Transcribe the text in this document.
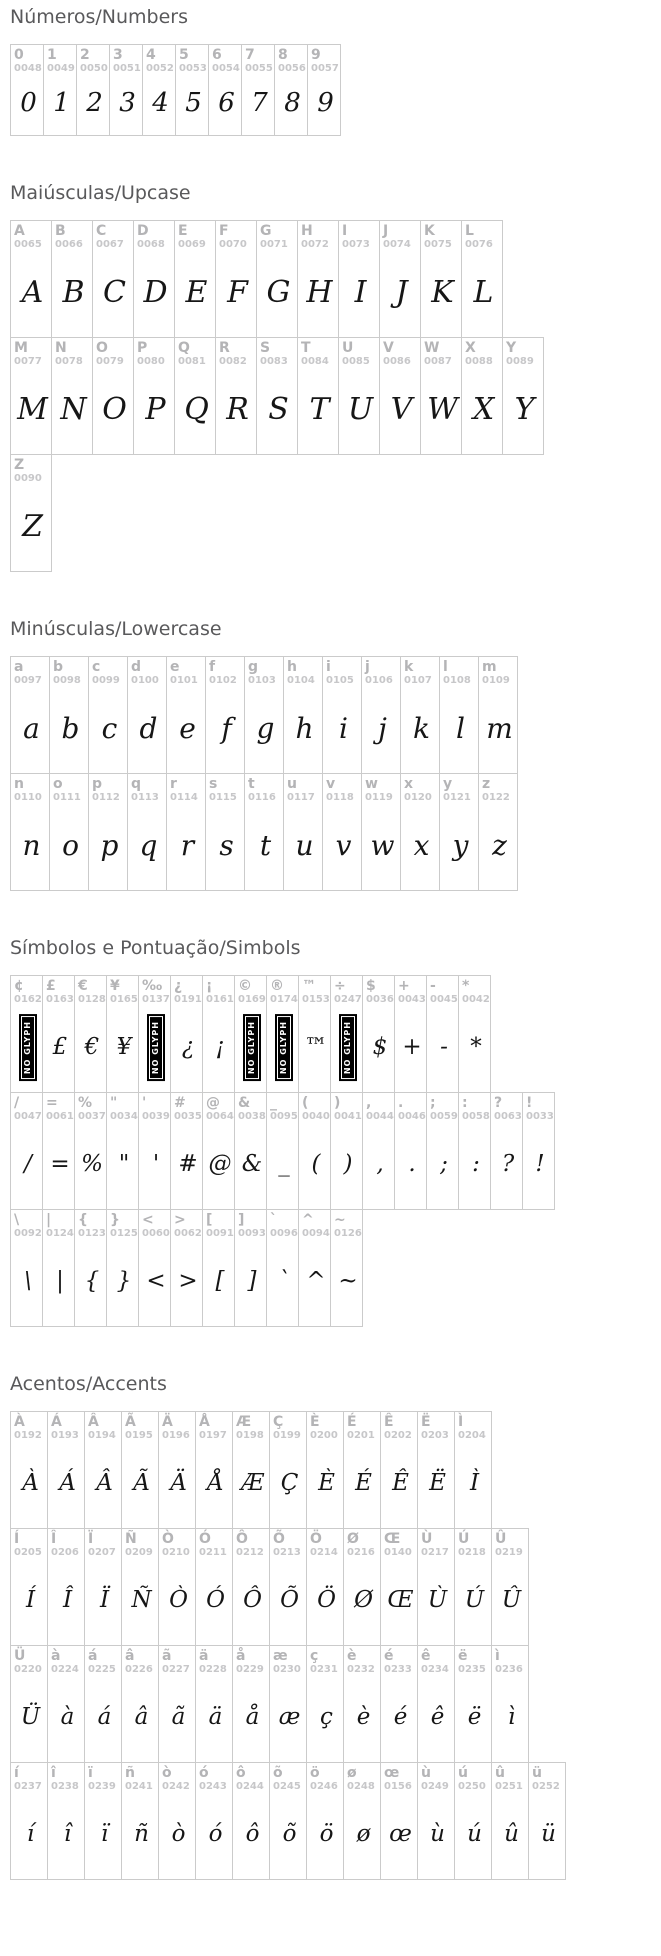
Números/Numbers
0
0048
0
1
0049
1
2
0050
2
3
0051
3
4
0052
4
5
0053
5
6
0054
6
7
0055
7
8
0056
8
9
0057
9
Maiúsculas/Upcase
A
0065
A
B
0066
B
C
0067
C
D
0068
D
E
0069
E
F
0070
F
G
0071
G
H
0072
H
I
0073
I
J
0074
J
K
0075
K
L
0076
L
M
0077
M
N
0078
N
O
0079
O
P
0080
P
Q
0081
Q
R
0082
R
S
0083
S
T
0084
T
U
0085
U
V
0086
V
W
0087
W
X
0088
X
Y
0089
Y
Z
0090
Z
Minúsculas/Lowercase
a
0097
a
b
0098
b
c
0099
c
d
0100
d
e
0101
e
f
0102
f
g
0103
g
h
0104
h
i
0105
i
j
0106
j
k
0107
k
l
0108
l
m
0109
m
n
0110
n
o
0111
o
p
0112
p
q
0113
q
r
0114
r
s
0115
s
t
0116
t
u
0117
u
v
0118
v
w
0119
w
x
0120
x
y
0121
y
z
0122
z
Símbolos e Pontuação/Simbols
¢
0162
NO GLYPH
£
0163
£
€
0128
€
¥
0165
¥
‰
0137
NO GLYPH
¿
0191
¿
¡
0161
¡
©
0169
NO GLYPH
®
0174
NO GLYPH
™
0153
™
÷
0247
NO GLYPH
$
0036
$
+
0043
+
-
0045
-
*
0042
*
/
0047
/
=
0061
=
%
0037
%
"
0034
"
'
0039
'
#
0035
#
@
0064
@
&
0038
&
_
0095
_
(
0040
(
)
0041
)
,
0044
,
.
0046
.
;
0059
;
:
0058
:
?
0063
?
!
0033
!
\
0092
\
|
0124
|
{
0123
{
}
0125
}
<
0060
<
>
0062
>
[
0091
[
]
0093
]
`
0096
`
^
0094
^
~
0126
~
Acentos/Accents
À
0192
À
Á
0193
Á
Â
0194
Â
Ã
0195
Ã
Ä
0196
Ä
Å
0197
Å
Æ
0198
Æ
Ç
0199
Ç
È
0200
È
É
0201
É
Ê
0202
Ê
Ë
0203
Ë
Ì
0204
Ì
Í
0205
Í
Î
0206
Î
Ï
0207
Ï
Ñ
0209
Ñ
Ò
0210
Ò
Ó
0211
Ó
Ô
0212
Ô
Õ
0213
Õ
Ö
0214
Ö
Ø
0216
Ø
Œ
0140
Œ
Ù
0217
Ù
Ú
0218
Ú
Û
0219
Û
Ü
0220
Ü
à
0224
à
á
0225
á
â
0226
â
ã
0227
ã
ä
0228
ä
å
0229
å
æ
0230
æ
ç
0231
ç
è
0232
è
é
0233
é
ê
0234
ê
ë
0235
ë
ì
0236
ì
í
0237
í
î
0238
î
ï
0239
ï
ñ
0241
ñ
ò
0242
ò
ó
0243
ó
ô
0244
ô
õ
0245
õ
ö
0246
ö
ø
0248
ø
œ
0156
œ
ù
0249
ù
ú
0250
ú
û
0251
û
ü
0252
ü
